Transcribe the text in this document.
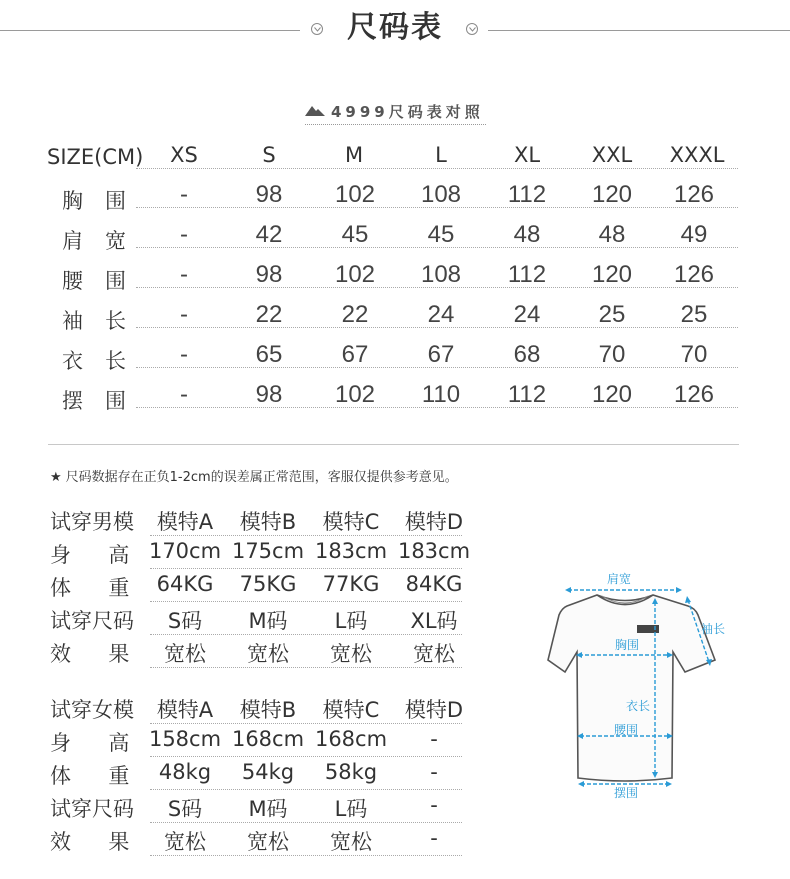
尺码表
4999尺码表对照
SIZE(CM)	XS	S	M	L	XL	XXL	XXXL
胸围	-	98	102	108	112	120	126
肩宽	-	42	45	45	48	48	49
腰围	-	98	102	108	112	120	126
袖长	-	22	22	24	24	25	25
衣长	-	65	67	67	68	70	70
摆围	-	98	102	110	112	120	126
★ 尺码数据存在正负1-2cm的误差属正常范围，客服仅提供参考意见。
试穿男模	模特A	模特B	模特C	模特D
身  高 170cm 175cm 183cm 183cm
体  重 64KG	75KG	77KG	84KG
试穿尺码	S码	M码	L码	XL码
效  果	宽松	宽松	宽松	宽松
试穿女模	模特A	模特B	模特C	模特D
身  高 158cm 168cm 168cm	-
体  重	48kg	54kg	58kg	-
试穿尺码	S码	M码	L码	-
效  果	宽松	宽松	宽松	-
肩宽
袖长
胸围
衣长
腰围
摆围
